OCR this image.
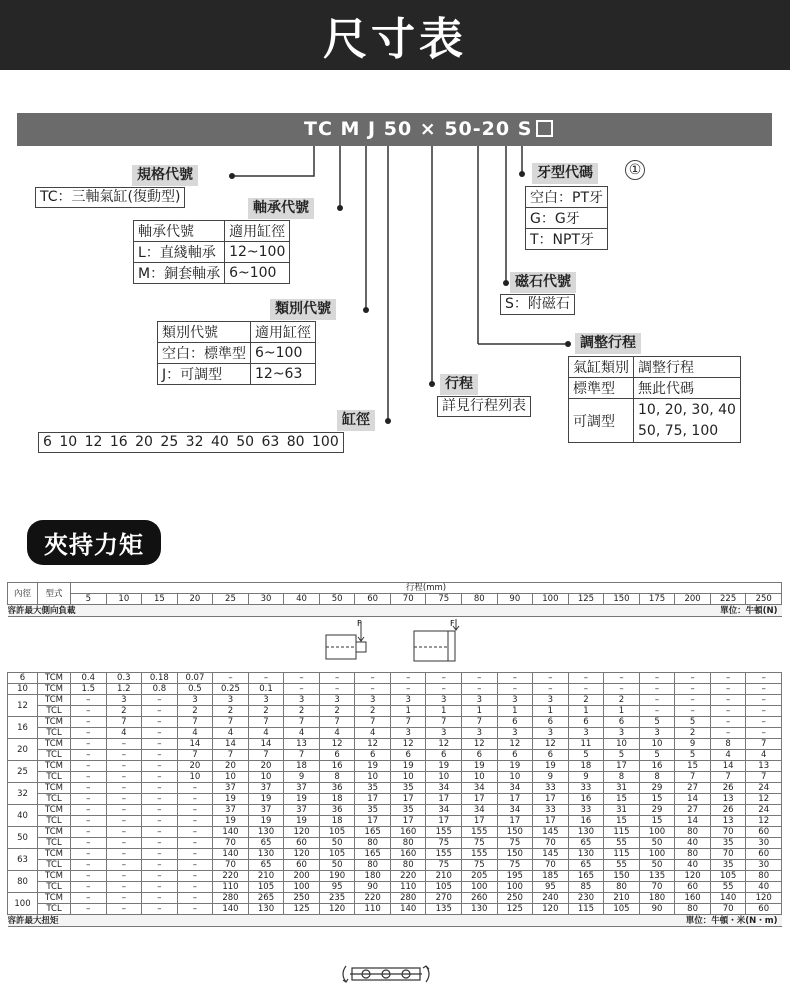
尺寸表
TC M J 50 × 50-20 S
規格代號
TC：三軸氣缸(復動型)
軸承代號
軸承代號	適用缸徑
L：直綫軸承	12~100
M：銅套軸承	6~100
類別代號
類別代號	適用缸徑
空白：標準型	6~100
J：可調型	12~63
缸徑
6 10 12 16 20 25 32 40 50 63 80 100
行程
詳見行程列表
調整行程
氣缸類別	調整行程
標準型	無此代碼
可調型	10, 20, 30, 40
50, 75, 100
磁石代號
S：附磁石
牙型代碼	①
空白：PT牙
G：G牙
T：NPT牙
夾持力矩
內徑	型式	行程(mm)																			
		5	10	15	20	25	30	40	50	60	70	75	80	90	100	125	150	175	200	225	250
容許最大側向負載 單位：牛頓(N)																					

F F																					

6	TCM	0.4	0.3	0.18	0.07	–	–	–	–	–	–	–	–	–	–	–	–	–	–	–	–
10	TCM	1.5	1.2	0.8	0.5	0.25	0.1	–	–	–	–	–	–	–	–	–	–	–	–	–	–
12	TCM	–	3	–	3	3	3	3	3	3	3	3	3	3	3	2	2	–	–	–	–
	TCL	–	2	–	2	2	2	2	2	2	1	1	1	1	1	1	1	–	–	–	–
16	TCM	–	7	–	7	7	7	7	7	7	7	7	7	6	6	6	6	5	5	–	–
	TCL	–	4	–	4	4	4	4	4	4	3	3	3	3	3	3	3	3	2	–	–
20	TCM	–	–	–	14	14	14	13	12	12	12	12	12	12	12	11	10	10	9	8	7
	TCL	–	–	–	7	7	7	7	6	6	6	6	6	6	6	5	5	5	5	4	4
25	TCM	–	–	–	20	20	20	18	16	19	19	19	19	19	19	18	17	16	15	14	13
	TCL	–	–	–	10	10	10	9	8	10	10	10	10	10	9	9	8	8	7	7	7
32	TCM	–	–	–	–	37	37	37	36	35	35	34	34	34	33	33	31	29	27	26	24
	TCL	–	–	–	–	19	19	19	18	17	17	17	17	17	17	16	15	15	14	13	12
40	TCM	–	–	–	–	37	37	37	36	35	35	34	34	34	33	33	31	29	27	26	24
	TCL	–	–	–	–	19	19	19	18	17	17	17	17	17	17	16	15	15	14	13	12
50	TCM	–	–	–	–	140	130	120	105	165	160	155	155	150	145	130	115	100	80	70	60
	TCL	–	–	–	–	70	65	60	50	80	80	75	75	75	70	65	55	50	40	35	30
63	TCM	–	–	–	–	140	130	120	105	165	160	155	155	150	145	130	115	100	80	70	60
	TCL	–	–	–	–	70	65	60	50	80	80	75	75	75	70	65	55	50	40	35	30
80	TCM	–	–	–	–	220	210	200	190	180	220	210	205	195	185	165	150	135	120	105	80
	TCL	–	–	–	–	110	105	100	95	90	110	105	100	100	95	85	80	70	60	55	40
100	TCM	–	–	–	–	280	265	250	235	220	280	270	260	250	240	230	210	180	160	140	120
	TCL	–	–	–	–	140	130	125	120	110	140	135	130	125	120	115	105	90	80	70	60
容許最大扭矩 單位：牛頓・米(N・m)																					
